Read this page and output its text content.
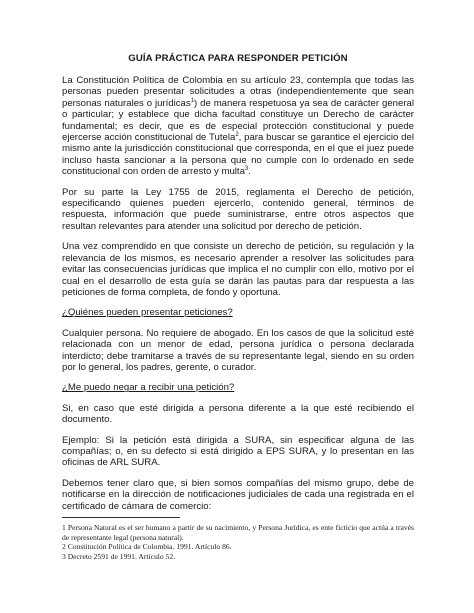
GUÍA PRÁCTICA PARA RESPONDER PETICIÓN

La Constitución Política de Colombia en su artículo 23, contempla que todas las personas pueden presentar solicitudes a otras (independientemente que sean personas naturales o jurídicas$^1$) de manera respetuosa ya sea de carácter general o particular; y establece que dicha facultad constituye un Derecho de carácter fundamental; es decir, que es de especial protección constitucional y puede ejercerse acción constitucional de Tutela$^2$, para buscar se garantice el ejercicio del mismo ante la jurisdicción constitucional que corresponda, en el que el juez puede incluso hasta sancionar a la persona que no cumple con lo ordenado en sede constitucional con orden de arresto y multa$^3$.

Por su parte la Ley 1755 de 2015, reglamenta el Derecho de petición, especificando quienes pueden ejercerlo, contenido general, términos de respuesta, información que puede suministrarse, entre otros aspectos que resultan relevantes para atender una solicitud por derecho de petición.

Una vez comprendido en que consiste un derecho de petición, su regulación y la relevancia de los mismos, es necesario aprender a resolver las solicitudes para evitar las consecuencias jurídicas que implica el no cumplir con ello, motivo por el cual en el desarrollo de esta guía se darán las pautas para dar respuesta a las peticiones de forma completa, de fondo y oportuna.

¿Quiénes pueden presentar peticiones?

Cualquier persona. No requiere de abogado. En los casos de que la solicitud esté relacionada con un menor de edad, persona jurídica o persona declarada interdicto; debe tramitarse a través de su representante legal, siendo en su orden por lo general, los padres, gerente, o curador.

¿Me puedo negar a recibir una petición?

Si, en caso que esté dirigida a persona diferente a la que esté recibiendo el documento.

Ejemplo: Si la petición está dirigida a SURA, sin especificar alguna de las compañías; o, en su defecto si está dirigido a EPS SURA, y lo presentan en las oficinas de ARL SURA.

Debemos tener claro que, si bien somos compañías del mismo grupo, debe de notificarse en la dirección de notificaciones judiciales de cada una registrada en el certificado de cámara de comercio:

1 Persona Natural es el ser humano a partir de su nacimiento, y Persona Jurídica, es ente ficticio que actúa a través de representante legal (persona natural).

2 Constitución Política de Colombia. 1991. Artículo 86.

3 Decreto 2591 de 1991. Artículo 52.
